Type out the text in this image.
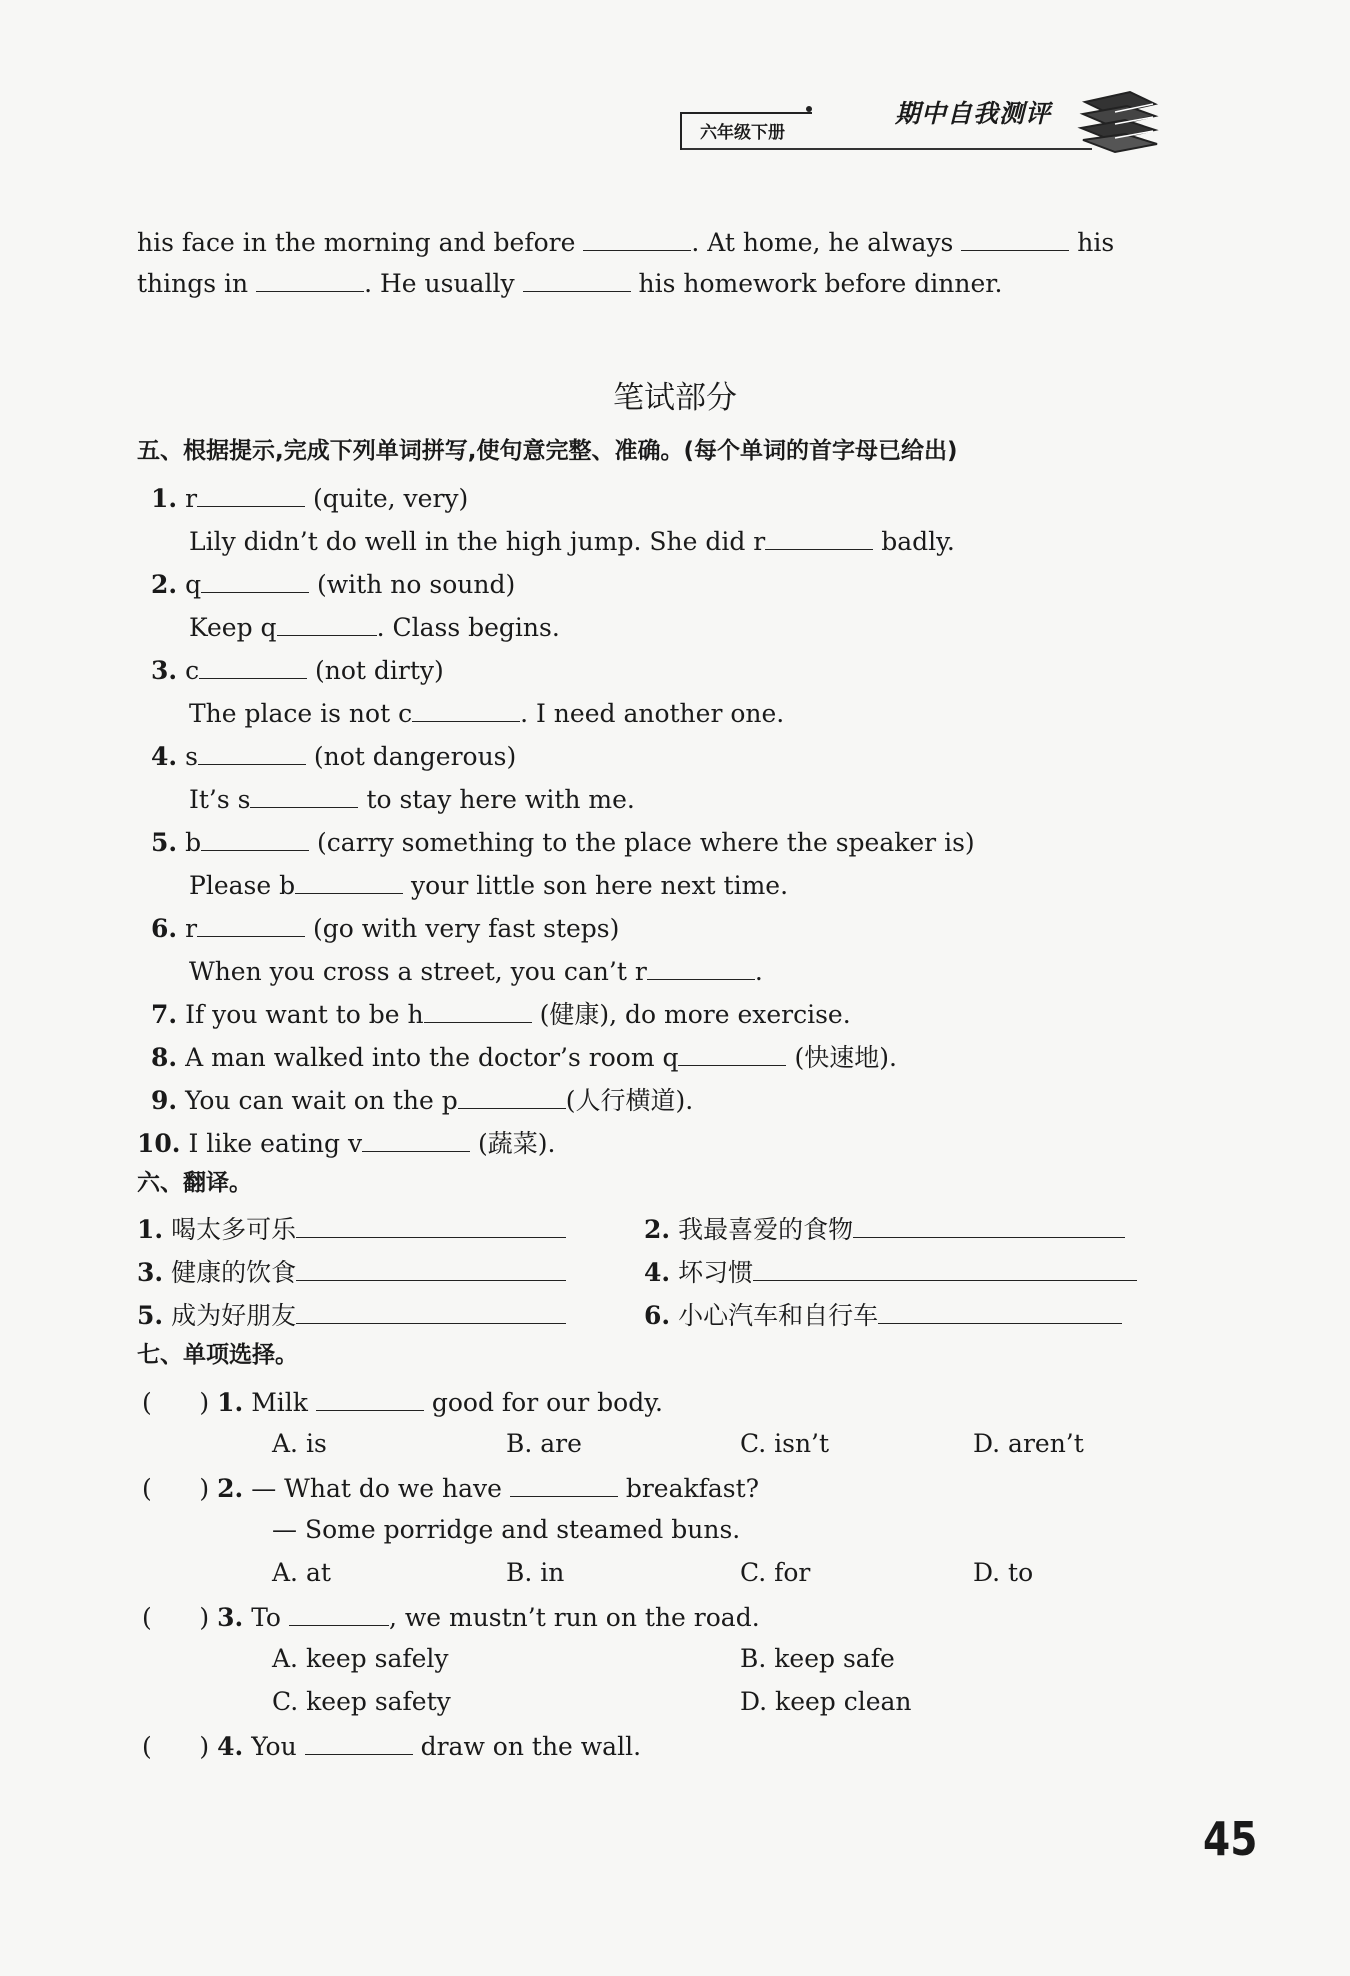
六年级下册
期中自我测评
his face in the morning and before	. At home, he always	his
things in	. He usually	his homework before dinner.
笔试部分
五、根据提示,完成下列单词拼写,使句意完整、准确。(每个单词的首字母已给出)
1. r	(quite, very)
Lily didn’t do well in the high jump. She did r	badly.
2. q	(with no sound)
Keep q	. Class begins.
3. c	(not dirty)
The place is not c	. I need another one.
4. s	(not dangerous)
It’s s	to stay here with me.
5. b	(carry something to the place where the speaker is)
Please b	your little son here next time.
6. r	(go with very fast steps)
When you cross a street, you can’t r	.
7. If you want to be h	(健康), do more exercise.
8. A man walked into the doctor’s room q	(快速地).
9. You can wait on the p	(人行横道).
10. I like eating v	(蔬菜).
六、翻译。
1. 喝太多可乐	2. 我最喜爱的食物
3. 健康的饮食	4. 坏习惯
5. 成为好朋友	6. 小心汽车和自行车
七、单项选择。
(      ) 1. Milk	good for our body.
A. is	B. are	C. isn’t	D. aren’t
(      ) 2. — What do we have	breakfast?
— Some porridge and steamed buns.
A. at	B. in	C. for	D. to
(      ) 3. To	, we mustn’t run on the road.
A. keep safely	B. keep safe
C. keep safety	D. keep clean
(      ) 4. You	draw on the wall.
45
